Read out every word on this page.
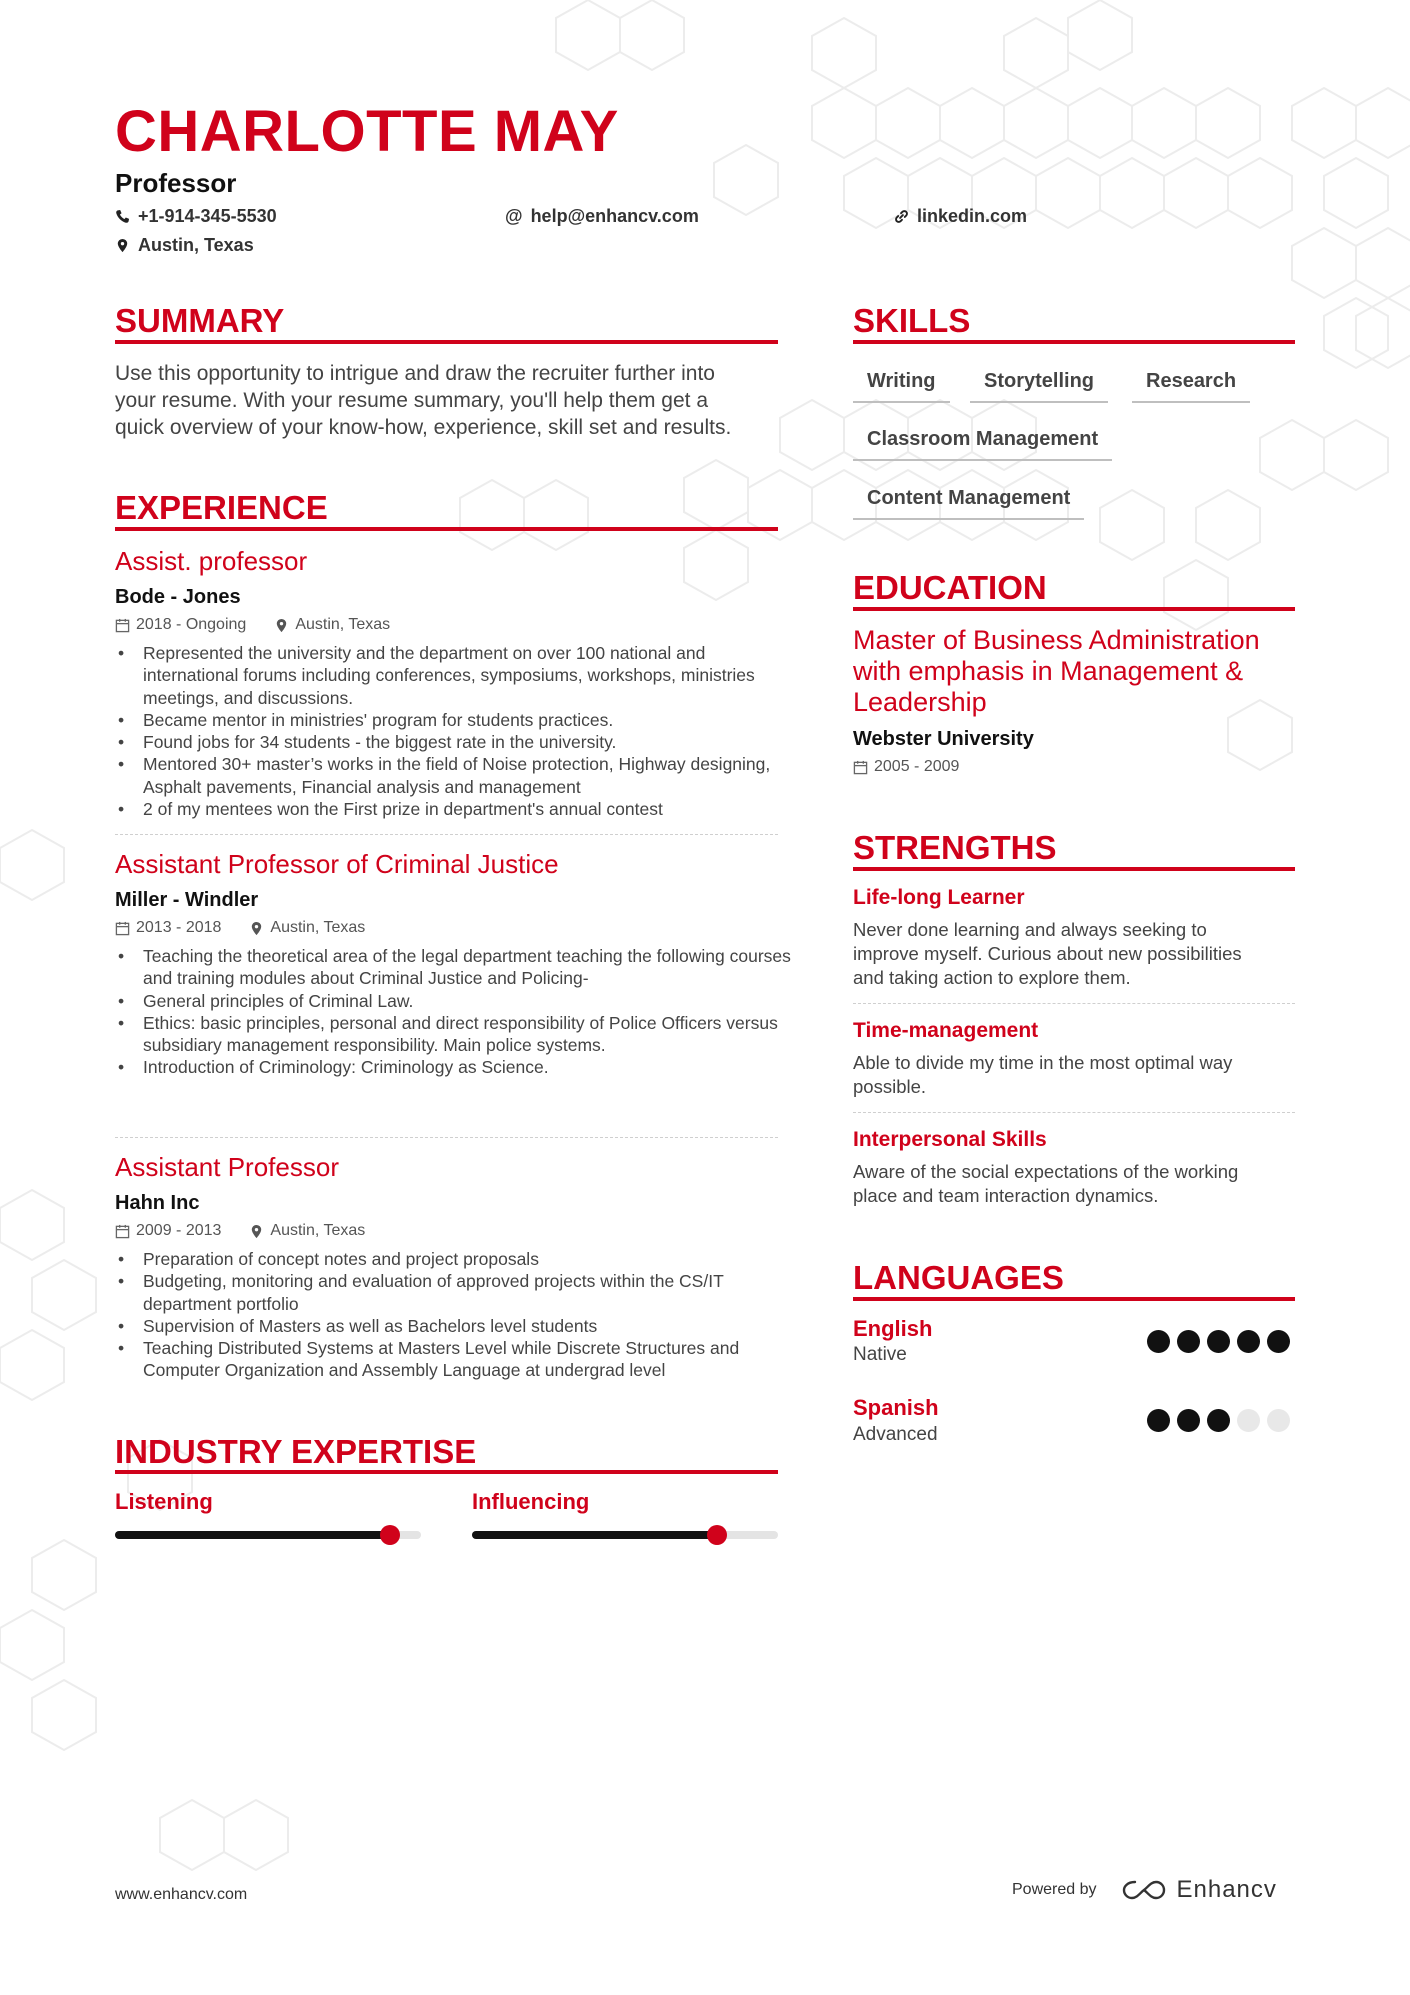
CHARLOTTE MAY
Professor
+1-914-345-5530	@ help@enhancv.com	linkedin.com
Austin, Texas
SUMMARY
Use this opportunity to intrigue and draw the recruiter further into
your resume. With your resume summary, you'll help them get a
quick overview of your know-how, experience, skill set and results.
EXPERIENCE
Assist. professor
Bode - Jones
2018 - Ongoing	Austin, Texas
• Represented the university and the department on over 100 national and international forums including conferences, symposiums, workshops, ministries meetings, and discussions.
• Became mentor in ministries' program for students practices.
• Found jobs for 34 students - the biggest rate in the university.
• Mentored 30+ master’s works in the field of Noise protection, Highway designing, Asphalt pavements, Financial analysis and management
• 2 of my mentees won the First prize in department's annual contest
Assistant Professor of Criminal Justice
Miller - Windler
2013 - 2018	Austin, Texas
• Teaching the theoretical area of the legal department teaching the following courses and training modules about Criminal Justice and Policing-
• General principles of Criminal Law.
• Ethics: basic principles, personal and direct responsibility of Police Officers versus subsidiary management responsibility. Main police systems.
• Introduction of Criminology: Criminology as Science.
Assistant Professor
Hahn Inc
2009 - 2013	Austin, Texas
• Preparation of concept notes and project proposals
• Budgeting, monitoring and evaluation of approved projects within the CS/IT department portfolio
• Supervision of Masters as well as Bachelors level students
• Teaching Distributed Systems at Masters Level while Discrete Structures and Computer Organization and Assembly Language at undergrad level
INDUSTRY EXPERTISE
Listening	Influencing
SKILLS
Writing	Storytelling	Research
Classroom Management
Content Management
EDUCATION
Master of Business Administration
with emphasis in Management &
Leadership
Webster University
2005 - 2009
STRENGTHS
Life-long Learner
Never done learning and always seeking to
improve myself. Curious about new possibilities
and taking action to explore them.
Time-management
Able to divide my time in the most optimal way
possible.
Interpersonal Skills
Aware of the social expectations of the working
place and team interaction dynamics.
LANGUAGES
English
Native
Spanish
Advanced
www.enhancv.com	Powered by	Enhancv
